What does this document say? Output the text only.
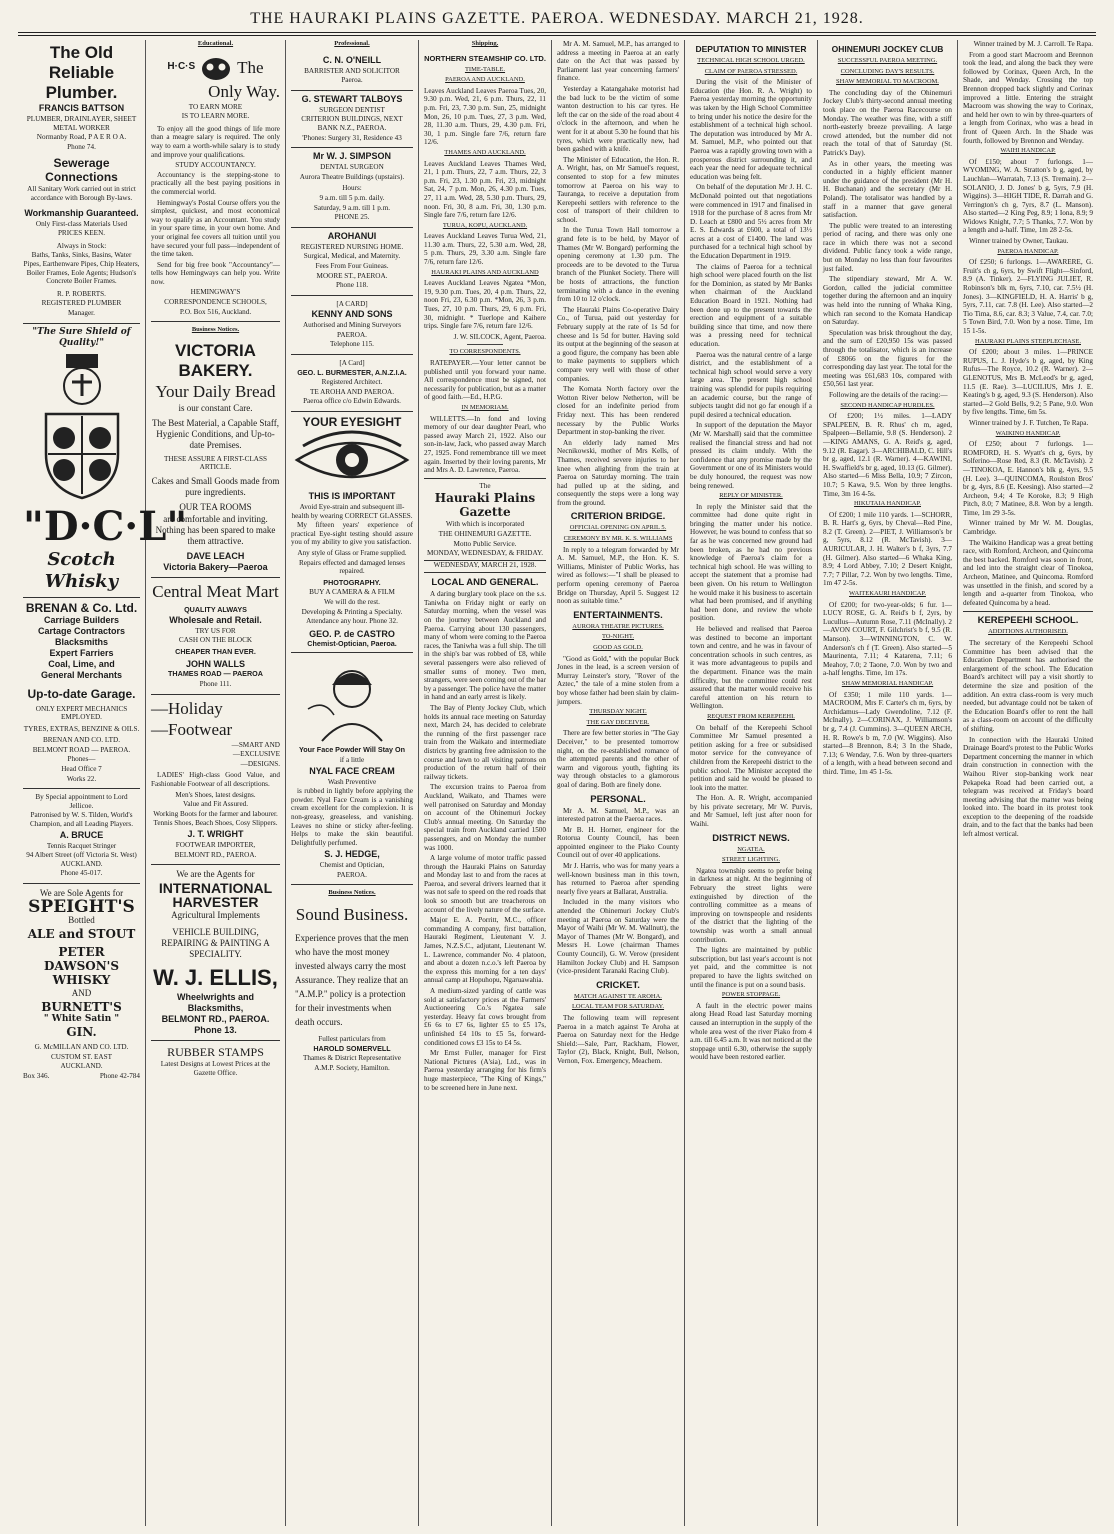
THE HAURAKI PLAINS GAZETTE. PAEROA. WEDNESDAY. MARCH 21, 1928.
The Old Reliable Plumber.
FRANCIS BATTSON
PLUMBER, DRAINLAYER, SHEET METAL WORKER
Normanby Road, P A E R O A.
Phone 74.
Sewerage Connections
All Sanitary Work carried out in strict accordance with Borough By-laws.
Workmanship Guaranteed.
Only First-class Materials Used
PRICES KEEN.
Always in Stock:
Baths, Tanks, Sinks, Basins, Water Pipes, Earthenware Pipes, Chip Heaters, Boiler Frames, Eole Agents; Hudson's Concrete Boiler Frames.
R. P. ROBERTS.
REGISTERED PLUMBER
Manager.
"The Sure Shield of Quality!"
"D·C·L"
Scotch Whisky
BRENAN & Co. Ltd.
Carriage Builders
Cartage Contractors
Blacksmiths
Expert Farriers
Coal, Lime, and
General Merchants
Up-to-date Garage.
ONLY EXPERT MECHANICS EMPLOYED.
TYRES, EXTRAS, BENZINE & OILS.
BRENAN AND CO. LTD.
BELMONT ROAD — PAEROA.
Phones—
Head Office 7
Works 22.
By Special appointment to Lord Jellicoe.
Patronised by W. S. Tilden, World's Champion, and all Leading Players.
A. BRUCE
Tennis Racquet Stringer
94 Albert Street (off Victoria St. West) AUCKLAND.
Phone 45-017.
We are Sole Agents for
SPEIGHT'S
Bottled
ALE and STOUT
PETER
DAWSON'S
WHISKY
AND
BURNETT'S
" White Satin "
GIN.
G. McMILLAN AND CO. LTD.
CUSTOM ST. EAST
AUCKLAND.
Box 346.	Phone 42-784
Educational.
H·C·S The
Only Way.
TO EARN MORE
IS TO LEARN MORE.

To enjoy all the good things of life more than a meagre salary is required. The only way to earn a worth-while salary is to study and improve your qualifications.

STUDY ACCOUNTANCY.

Accountancy is the stepping-stone to practically all the best paying positions in the commercial world.

Hemingway's Postal Course offers you the simplest, quickest, and most economical way to qualify as an Accountant. You study in your spare time, in your own home. And your original fee covers all tuition until you have secured your full pass—independent of the time taken.

Send for big free book "Accountancy"—tells how Hemingways can help you. Write now.

HEMINGWAY'S
CORRESPONDENCE SCHOOLS,
P.O. Box 516, Auckland.
Business Notices.
VICTORIA BAKERY.
Your Daily Bread
is our constant Care.
The Best Material, a Capable Staff, Hygienic Conditions, and Up-to-date Premises.
THESE ASSURE A FIRST-CLASS ARTICLE.
Cakes and Small Goods made from pure ingredients.
OUR TEA ROOMS
are comfortable and inviting. Nothing has been spared to make them attractive.
DAVE LEACH
Victoria Bakery—Paeroa
Central Meat Mart
QUALITY ALWAYS
Wholesale and Retail.
TRY US FOR
CASH ON THE BLOCK
CHEAPER THAN EVER.
JOHN WALLS
THAMES ROAD — PAEROA
Phone 111.
—Holiday
—Footwear
—SMART AND
—EXCLUSIVE
—DESIGNS.

LADIES' High-class Good Value, and Fashionable Footwear of all descriptions.

Men's Shoes, latest designs.
Value and Fit Assured.
Working Boots for the farmer and labourer.
Tennis Shoes, Beach Shoes, Cosy Slippers.
J. T. WRIGHT
FOOTWEAR IMPORTER,
BELMONT RD., PAEROA.
We are the Agents for
INTERNATIONAL HARVESTER
Agricultural Implements
VEHICLE BUILDING, REPAIRING & PAINTING A SPECIALITY.
W. J. ELLIS,
Wheelwrights and Blacksmiths,
BELMONT RD., PAEROA.
Phone 13.
RUBBER STAMPS
Latest Designs at Lowest Prices at the Gazette Office.
Professional.
C. N. O'NEILL
BARRISTER AND SOLICITOR
Paeroa.
G. STEWART TALBOYS
SURGEON DENTIST
CRITERION BUILDINGS, NEXT BANK N.Z., PAEROA.
'Phones: Surgery 31, Residence 43
Mr W. J. SIMPSON
DENTAL SURGEON
Aurora Theatre Buildings (upstairs).
Hours:
9 a.m. till 5 p.m. daily.
Saturday, 9 a.m. till 1 p.m.
PHONE 25.
AROHANUI
REGISTERED NURSING HOME.
Surgical, Medical, and Maternity.
Fees From Four Guineas.
MOORE ST., PAEROA.
Phone 118.
[A CARD]
KENNY AND SONS
Authorised and Mining Surveyors
PAEROA.
Telephone 115.
[A Card]
GEO. L. BURMESTER, A.N.Z.I.A.
Registered Architect.
TE AROHA AND PAEROA.
Paeroa office c/o Edwin Edwards.
YOUR EYESIGHT
THIS IS IMPORTANT
Avoid Eye-strain and subsequent ill-health by wearing CORRECT GLASSES.

My fifteen years' experience of practical Eye-sight testing should assure you of my ability to give you satisfaction.

Any style of Glass or Frame supplied.
Repairs effected and damaged lenses repaired.
PHOTOGRAPHY.
BUY A CAMERA & A FILM
We will do the rest.
Developing & Printing a Specialty.
Attendance any hour. Phone 32.
GEO. P. de CASTRO
Chemist-Optician, Paeroa.
Your Face Powder Will Stay On
if a little
NYAL FACE CREAM
Wash Preventive

is rubbed in lightly before applying the powder. Nyal Face Cream is a vanishing cream excellent for the complexion. It is non-greasy, greaseless, and vanishing. Leaves no shine or sticky after-feeling. Helps to make the skin beautiful. Delightfully perfumed.

S. J. HEDGE,
Chemist and Optician,
PAEROA.
Business Notices.
Sound Business.
Experience proves that the men who have the most money invested always carry the most Assurance. They realize that an "A.M.P." policy is a protection for their investments when death occurs.
Fullest particulars from
HAROLD SOMERVELL
Thames & District Representative
A.M.P. Society, Hamilton.
Shipping.
NORTHERN STEAMSHIP CO. LTD.
TIME-TABLE.
PAEROA AND AUCKLAND.

Leaves Auckland Leaves Paeroa Tues, 20, 9.30 p.m. Wed, 21, 6 p.m. Thurs, 22, 11 p.m. Fri, 23, 7.30 p.m. Sun, 25, midnight Mon, 26, 10 p.m. Tues, 27, 3 p.m. Wed, 28, 11.30 a.m. Thurs, 29, 4.30 p.m. Fri, 30, 1 p.m. Single fare 7/6, return fare 12/6.

THAMES AND AUCKLAND.

Leaves Auckland Leaves Thames Wed, 21, 1 p.m. Thurs, 22, 7 a.m. Thurs, 22, 3 p.m. Fri, 23, 1.30 p.m. Fri, 23, midnight Sat, 24, 7 p.m. Mon, 26, 4.30 p.m. Tues, 27, 11 a.m. Wed, 28, 5.30 p.m. Thurs, 29, noon. Fri, 30, 8 a.m. Fri, 30, 1.30 p.m. Single fare 7/6, return fare 12/6.

TURUA, KOPU, AUCKLAND.

Leaves Auckland Leaves Turua Wed, 21, 11.30 a.m. Thurs, 22, 5.30 a.m. Wed, 28, 5 p.m. Thurs, 29, 3.30 a.m. Single fare 7/6, return fare 12/6.

HAURAKI PLAINS AND AUCKLAND

Leaves Auckland Leaves Ngatea *Mon, 19, 9.30 p.m. Tues, 20, 4 p.m. Thurs, 22, noon Fri, 23, 6.30 p.m. *Mon, 26, 3 p.m. Tues, 27, 10 p.m. Thurs, 29, 6 p.m. Fri, 30, midnight. * Tuerlope and Kaihere trips. Single fare 7/6, return fare 12/6.

J. W. SILCOCK, Agent, Paeroa.
TO CORRESPONDENTS.

RATEPAYER.—Your letter cannot be published until you forward your name. All correspondence must be signed, not necessarily for publication, but as a matter of good faith.—Ed., H.P.G.

IN MEMORIAM.

WILLETTS.—In fond and loving memory of our dear daughter Pearl, who passed away March 21, 1922. Also our son-in-law, Jack, who passed away March 27, 1925. Fond remembrance till we meet again. Inserted by their loving parents, Mr and Mrs A. D. Lawrence, Paeroa.

The
Hauraki Plains Gazette
With which is incorporated
THE OHINEMURI GAZETTE.
Motto Public Service.
MONDAY, WEDNESDAY, & FRIDAY.
WEDNESDAY, MARCH 21, 1928.
LOCAL AND GENERAL.

A daring burglary took place on the s.s. Taniwha on Friday night or early on Saturday morning, when the vessel was on the journey between Auckland and Paeroa. Carrying about 130 passengers, many of whom were coming to the Paeroa races, the Taniwha was a full ship. The till in the ship's bar was robbed of £8, while several passengers were also relieved of smaller sums of money. Two men, strangers, were seen coming out of the bar by a passenger. The police have the matter in hand and an early arrest is likely.

The Bay of Plenty Jockey Club, which holds its annual race meeting on Saturday next, March 24, has decided to celebrate the running of the first passenger race train from the Waikato and intermediate districts by granting free admission to the course and lawn to all visiting patrons on production of the return half of their railway tickets.

The excursion trains to Paeroa from Auckland, Waikato, and Thames were well patronised on Saturday and Monday on account of the Ohinemuri Jockey Club's annual meeting. On Saturday the special train from Auckland carried 1500 passengers, and on Monday the number was 1000.

A large volume of motor traffic passed through the Hauraki Plains on Saturday and Monday last to and from the races at Paeroa, and several drivers learned that it was not safe to speed on the red roads that look so smooth but are treacherous on account of the lively nature of the surface.

Major E. A. Porritt, M.C., officer commanding A company, first battalion, Hauraki Regiment, Lieutenant V. J. James, N.Z.S.C., adjutant, Lieutenant W. L. Lawrence, commander No. 4 platoon, and about a dozen n.c.o.'s left Paeroa by the express this morning for a ten days' annual camp at Hopuhopu, Ngaruawahia.

A medium-sized yarding of cattle was sold at satisfactory prices at the Farmers' Auctioneering Co.'s Ngatea sale yesterday. Heavy fat cows brought from £6 6s to £7 6s, lighter £5 to £5 17s, unfinished £4 10s to £5 5s, forward-conditioned cows £3 15s to £4 5s.

Mr Ernst Fuller, manager for First National Pictures (A'sia), Ltd., was in Paeroa yesterday arranging for his firm's huge masterpiece, "The King of Kings," to be screened here in June next.

Mr A. M. Samuel, M.P., has arranged to address a meeting in Paeroa at an early date on the Act that was passed by Parliament last year concerning farmers' finance.

Yesterday a Katangahake motorist had the bad luck to be the victim of some wanton destruction to his car tyres. He left the car on the side of the road about 4 o'clock in the afternoon, and when he went for it at about 5.30 he found that his tyres, which were practically new, had been gashed with a knife.

The Minister of Education, the Hon. R. A. Wright, has, on Mr Samuel's request, consented to stop for a few minutes tomorrow at Paeroa on his way to Tauranga, to receive a deputation from Kerepeehi settlers with reference to the cost of transport of their children to school.

In the Turua Town Hall tomorrow a grand fete is to be held, by Mayor of Thames (Mr W. Bongard) performing the opening ceremony at 1.30 p.m. The proceeds are to be devoted to the Turua branch of the Plunket Society. There will be hosts of attractions, the function terminating with a dance in the evening from 10 to 12 o'clock.

The Hauraki Plains Co-operative Dairy Co., of Turua, paid out yesterday for February supply at the rate of 1s 5d for cheese and 1s 5d for butter. Having sold its output at the beginning of the season at a good figure, the company has been able to make payments to suppliers which compare very well with those of other companies.

The Komata North factory over the Wotton River below Netherton, will be closed for an indefinite period from Friday next. This has been rendered necessary by the Public Works Department in stop-banking the river.

An elderly lady named Mrs Necnikowski, mother of Mrs Kells, of Thames, received severe injuries to her knee when alighting from the train at Paeroa on Saturday morning. The train had pulled up at the siding, and consequently the steps were a long way from the ground.

CRITERION BRIDGE.
OFFICIAL OPENING ON APRIL 5.
CEREMONY BY MR. K. S. WILLIAMS

In reply to a telegram forwarded by Mr A. M. Samuel, M.P., the Hon. K. S. Williams, Minister of Public Works, has wired as follows:—"I shall be pleased to perform opening ceremony of Paeroa Bridge on Thursday, April 5. Suggest 12 noon as suitable time."

ENTERTAINMENTS.
AURORA THEATRE PICTURES.
TO-NIGHT.
GOOD AS GOLD.

"Good as Gold," with the popular Buck Jones in the lead, is a screen version of Murray Leinster's story, "Rover of the Aztec," the tale of a mine stolen from a boy whose father had been slain by claim-jumpers.

THURSDAY NIGHT.
THE GAY DECEIVER.

There are few better stories in "The Gay Deceiver," to be presented tomorrow night, on the re-established romance of the attempted parents and the other of warm and vigorous youth, fighting its way through obstacles to a glamorous goal of daring. Both are finely done.

PERSONAL.

Mr A. M. Samuel, M.P., was an interested patron at the Paeroa races.

Mr B. H. Horner, engineer for the Rotorua County Council, has been appointed engineer to the Piako County Council out of over 40 applications.

Mr J. Harris, who was for many years a well-known business man in this town, has returned to Paeroa after spending nearly five years at Ballarat, Australia.

Included in the many visitors who attended the Ohinemuri Jockey Club's meeting at Paeroa on Saturday were the Mayor of Waihi (Mr W. M. Wallnutt), the Mayor of Thames (Mr W. Bongard), and Messrs H. Lowe (chairman Thames County Council), G. W. Verow (president Hamilton Jockey Club) and H. Sampson (vice-president Taranaki Racing Club).

CRICKET.
MATCH AGAINST TE AROHA.
LOCAL TEAM FOR SATURDAY.

The following team will represent Paeroa in a match against Te Aroha at Paeroa on Saturday next for the Hedge Shield:—Sale, Parr, Rackham, Flower, Taylor (2), Black, Knight, Bull, Nelson, Vernon, Fox. Emergency, Meachem.

DEPUTATION TO MINISTER
TECHNICAL HIGH SCHOOL URGED.
CLAIM OF PAEROA STRESSED.

During the visit of the Minister of Education (the Hon. R. A. Wright) to Paeroa yesterday morning the opportunity was taken by the High School Committee to bring under his notice the desire for the establishment of a technical high school. The deputation was introduced by Mr A. M. Samuel, M.P., who pointed out that Paeroa was a rapidly growing town with a prosperous district surrounding it, and each year the need for adequate technical education was being felt.

On behalf of the deputation Mr J. H. C. McDonald pointed out that negotiations were commenced in 1917 and finalised in 1918 for the purchase of 8 acres from Mr D. Leach at £800 and 5½ acres from Mr E. S. Edwards at £600, a total of 13½ acres at a cost of £1400. The land was purchased for a technical high school by the Education Department in 1919.

The claims of Paeroa for a technical high school were placed fourth on the list for the Dominion, as stated by Mr Banks when chairman of the Auckland Education Board in 1921. Nothing had been done up to the present towards the erection and equipment of a suitable building since that time, and now there was a pressing need for technical education.

Paeroa was the natural centre of a large district, and the establishment of a technical high school would serve a very large area. The present high school training was splendid for pupils requiring an academic course, but the range of subjects taught did not go far enough if a pupil desired a technical education.

In support of the deputation the Mayor (Mr W. Marshall) said that the committee realised the financial stress and had not pressed its claim unduly. With the confidence that any promise made by the Government or one of its Ministers would be duly honoured, the request was now being renewed.

REPLY OF MINISTER.

In reply the Minister said that the committee had done quite right in bringing the matter under his notice. However, he was bound to confess that so far as he was concerned new ground had been broken, as he had no previous knowledge of Paeroa's claim for a technical high school. He was willing to accept the statement that a promise had been given. On his return to Wellington he would make it his business to ascertain what had been promised, and if anything had been done, and review the whole position.

He believed and realised that Paeroa was destined to become an important town and centre, and he was in favour of concentration schools in such centres, as it was more advantageous to pupils and the department. Finance was the main difficulty, but the committee could rest assured that the matter would receive his careful attention on his return to Wellington.

REQUEST FROM KEREPEEHI.

On behalf of the Kerepeehi School Committee Mr Samuel presented a petition asking for a free or subsidised motor service for the conveyance of children from the Kerepeehi district to the public school. The Minister accepted the petition and said he would be pleased to look into the matter.

The Hon. A. R. Wright, accompanied by his private secretary, Mr W. Purvis, and Mr Samuel, left just after noon for Waihi.

DISTRICT NEWS.
NGATEA.
STREET LIGHTING.

Ngatea township seems to prefer being in darkness at night. At the beginning of February the street lights were extinguished by direction of the controlling committee as a means of improving on townspeople and residents of the district that the lighting of the township was worth a small annual contribution.

The lights are maintained by public subscription, but last year's account is not yet paid, and the committee is not prepared to have the lights switched on until the finance is put on a sound basis.

POWER STOPPAGE.

A fault in the electric power mains along Head Road last Saturday morning caused an interruption in the supply of the whole area west of the river Piako from 4 a.m. till 6.45 a.m. It was not noticed at the stoppage until 6.30, otherwise the supply would have been restored earlier.

OHINEMURI JOCKEY CLUB
SUCCESSFUL PAEROA MEETING.
CONCLUDING DAY'S RESULTS.
SHAW MEMORIAL TO MACROOM.

The concluding day of the Ohinemuri Jockey Club's thirty-second annual meeting took place on the Paeroa Racecourse on Monday. The weather was fine, with a stiff north-easterly breeze prevailing. A large crowd attended, but the number did not reach the total of that of Saturday (St. Patrick's Day).

As in other years, the meeting was conducted in a highly efficient manner under the guidance of the president (Mr H. H. Buchanan) and the secretary (Mr H. Poland). The totalisator was handled by a staff in a manner that gave general satisfaction.

The public were treated to an interesting period of racing, and there was only one race in which there was not a second dividend. Public fancy took a wide range, but on Monday no less than four favourites just failed.

The stipendiary steward, Mr A. W. Gordon, called the judicial committee together during the afternoon and an inquiry was held into the running of Whaka King, which ran second to the Komata Handicap on Saturday.

Speculation was brisk throughout the day, and the sum of £20,950 15s was passed through the totalisator, which is an increase of £8066 on the figures for the corresponding day last year. The total for the meeting was £61,683 10s, compared with £50,561 last year.

Following are the details of the racing:—

SECOND HANDICAP HURDLES.

Of £200; 1½ miles. 1—LADY SPALPEEN, B. R. Rhus' ch m, aged, Spalpeen—Bellamie, 9.8 (S. Henderson). 2—KING AMANS, G. A. Reid's g, aged, 9.12 (R. Eagar). 3—ARCHIBALD, C. Hill's br g, aged, 12.1 (R. Warner). 4—KAWINI, H. Swaffield's br g, aged, 10.13 (G. Gilmer). Also started—6 Miss Bella, 10.9; 7 Zircon, 10.7; 5 Kawa, 9.5. Won by three lengths. Time, 3m 16 4-5s.

HIKUTAIA HANDICAP.

Of £200; 1 mile 110 yards. 1—SCHORR, B. R. Hart's g, 6yrs, by Cheval—Red Pine, 8.2 (T. Green). 2—PIET, J. Williamson's br g, 5yrs, 8.12 (R. McTavish). 3—AURICULAR, J. H. Walter's b f, 3yrs, 7.7 (H. Gilmer). Also started—6 Whaka King, 8.9; 4 Lord Abbey, 7.10; 2 Desert Knight, 7.7; 7 Pillar, 7.2. Won by two lengths. Time, 1m 47 2-5s.

WAITEKAURI HANDICAP.

Of £200; for two-year-olds; 6 fur. 1—LUCY ROSE, G. A. Reid's b f, 2yrs, by Lucullus—Autumn Rose, 7.11 (McInally). 2—AVON COURT, F. Gilchrist's b f, 9.5 (R. Manson). 3—WINNINGTON, C. W. Anderson's ch f (T. Green). Also started—5 Maurinenta, 7.11; 4 Katarena, 7.11; 6 Meahoy, 7.0; 2 Taone, 7.0. Won by two and a-half lengths. Time, 1m 17s.

SHAW MEMORIAL HANDICAP.

Of £350; 1 mile 110 yards. 1—MACROOM, Mrs F. Carter's ch m, 6yrs, by Archidamus—Lady Gwendoline, 7.12 (F. McInally). 2—CORINAX, J. Williamson's br g, 7.4 (J. Cummins). 3—QUEEN ARCH, H. R. Rowe's b m, 7.0 (W. Wiggins). Also started—8 Brennon, 8.4; 3 In the Shade, 7.13; 6 Wenday, 7.6. Won by three-quarters of a length, with a head between second and third. Time, 1m 45 1-5s.

Winner trained by M. J. Carroll. Te Rapa.

From a good start Macroom and Brennon took the lead, and along the back they were followed by Corinax, Queen Arch, In the Shade, and Wenday. Crossing the top Brennon dropped back slightly and Corinax improved a little. Entering the straight Macroom was showing the way to Corinax, and held her own to win by three-quarters of a length from Corinax, who was a head in front of Queen Arch. In the Shade was fourth, followed by Brennon and Wenday.

WAIHI HANDICAP.

Of £150; about 7 furlongs. 1—WYOMING, W. A. Stratton's b g, aged, by Lauchlan—Warratah, 7.13 (S. Tremain). 2—SOLANIO, J. D. Jones' b g, 5yrs, 7.9 (H. Wiggins). 3—HIGH TIDE, R. Darrah and G. Verrington's ch g, 7yrs, 8.7 (L. Manson). Also started—2 King Peg, 8.9; 1 Iona, 8.9; 9 Widows Knight, 7.7; 5 Thanks, 7.7. Won by a length and a-half. Time, 1m 28 2-5s.

Winner trained by Owner, Taukau.

PAEROA HANDICAP.

Of £250; 6 furlongs. 1—AWARERE, G. Fruit's ch g, 6yrs, by Swift Flight—Sinford, 8.9 (A. Tinker). 2—FLYING JULIET, R. Robinson's blk m, 6yrs, 7.10, car. 7.5½ (H. Jones). 3—KINGFIELD, H. A. Harris' b g, 5yrs, 7.11, car. 7.8 (H. Lee). Also started—2 Tio Tima, 8.6, car. 8.3; 3 Value, 7.4, car. 7.0; 5 Town Bird, 7.0. Won by a nose. Time, 1m 15 1-5s.

HAURAKI PLAINS STEEPLECHASE.

Of £200; about 3 miles. 1—PRINCE RUPUS, L. J. Hyde's b g, aged, by King Rufus—The Royce, 10.2 (R. Warner). 2—GLENOTUS, Mrs B. McLeod's br g, aged, 11.5 (E. Rae). 3—LUCILIUS, Mrs J. E. Keating's b g, aged, 9.3 (S. Henderson). Also started—2 Gold Bells, 9.2; 5 Pane, 9.0. Won by five lengths. Time, 6m 5s.

Winner trained by J. F. Tutchen, Te Rapa.

WAIKINO HANDICAP.

Of £250; about 7 furlongs. 1—ROMFORD, H. S. Wyatt's ch g, 6yrs, by Solferino—Rose Red, 8.3 (R. McTavish). 2—TINOKOA, E. Hannon's blk g, 4yrs, 9.5 (H. Lee). 3—QUINCOMA, Roulston Bros' br g, 4yrs, 8.6 (E. Keesing). Also started—2 Archeon, 9.4; 4 Te Koroke, 8.3; 9 High Pitch, 8.0; 7 Matinee, 8.8. Won by a length. Time, 1m 29 3-5s.

Winner trained by Mr W. M. Douglas, Cambridge.

The Waikino Handicap was a great betting race, with Romford, Archeon, and Quincoma the best backed. Romford was soon in front, and led into the straight clear of Tinokoa, Archeon, Matinee, and Quincoma. Romford was unsettled in the finish, and scored by a length and a-quarter from Tinokoa, who defeated Quincoma by a head.

KEREPEEHI SCHOOL.
ADDITIONS AUTHORISED.

The secretary of the Kerepeehi School Committee has been advised that the Education Department has authorised the enlargement of the school. The Education Board's architect will pay a visit shortly to determine the size and position of the addition. An extra class-room is very much needed, but advantage could not be taken of the Education Board's offer to rent the hall as a class-room on account of the difficulty of shifting.

In connection with the Hauraki United Drainage Board's protest to the Public Works Department concerning the manner in which drain construction in connection with the Waihou River stop-banking work near Pekapeka Road had been carried out, a telegram was received at Friday's board meeting advising that the matter was being looked into. The board in its protest took exception to the deepening of the roadside drain, and to the fact that the banks had been left almost vertical.
